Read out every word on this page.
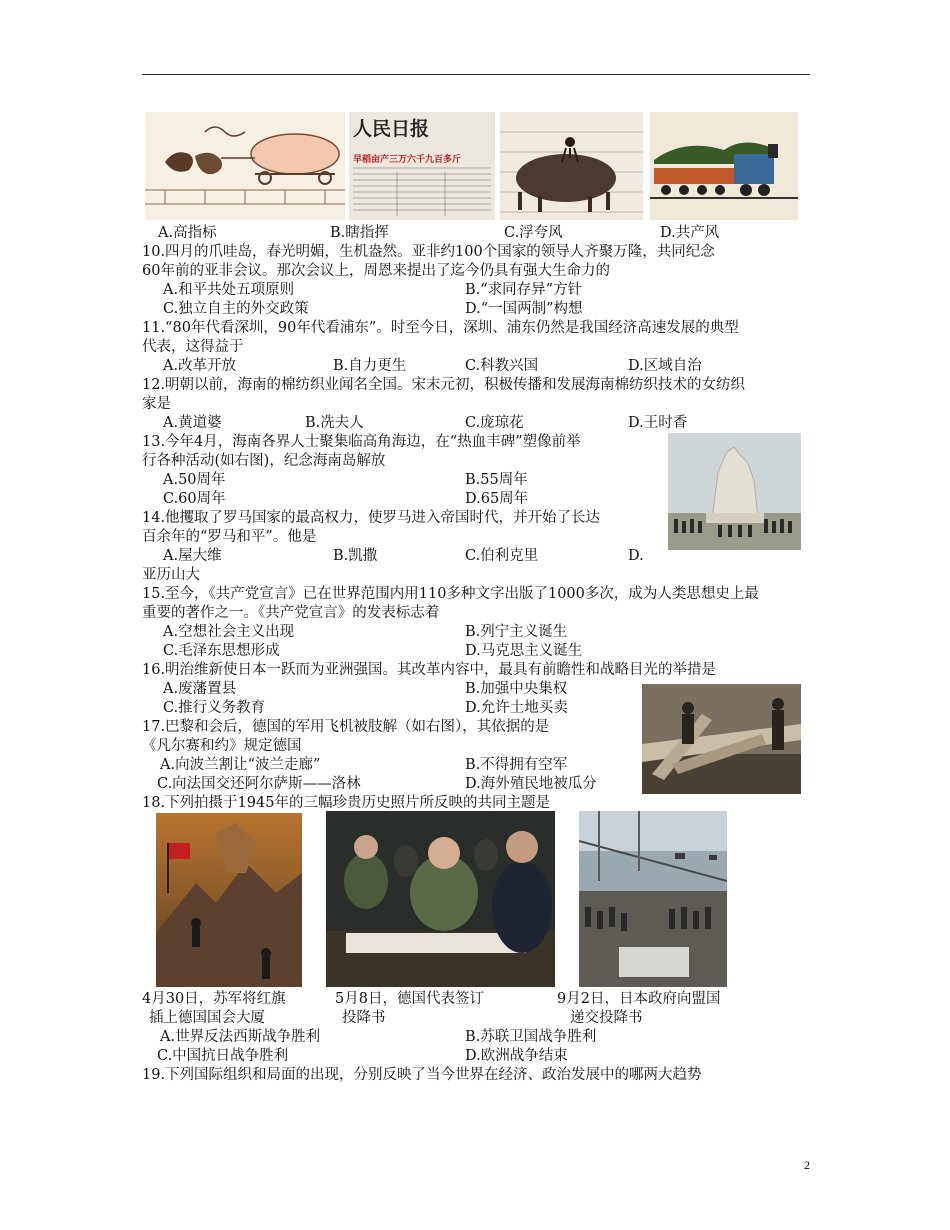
人民日报
早稻亩产三万六千九百多斤
A.高指标	B.瞎指挥	C.浮夸风	D.共产风
10.四月的爪哇岛，春光明媚，生机盎然。亚非约100个国家的领导人齐聚万隆，共同纪念
60年前的亚非会议。那次会议上，周恩来提出了迄今仍具有强大生命力的
A.和平共处五项原则	B.“求同存异”方针
C.独立自主的外交政策	D.“一国两制”构想
11.“80年代看深圳，90年代看浦东”。时至今日，深圳、浦东仍然是我国经济高速发展的典型
代表，这得益于
A.改革开放	B.自力更生	C.科教兴国	D.区域自治
12.明朝以前，海南的棉纺织业闻名全国。宋末元初，积极传播和发展海南棉纺织技术的女纺织
家是
A.黄道婆	B.冼夫人	C.庞琼花	D.王时香
13.今年4月，海南各界人士聚集临高角海边，在“热血丰碑”塑像前举
行各种活动(如右图)，纪念海南岛解放
A.50周年	B.55周年
C.60周年	D.65周年
14.他攫取了罗马国家的最高权力，使罗马进入帝国时代，并开始了长达
百余年的“罗马和平”。他是
A.屋大维	B.凯撒	C.伯利克里	D.
亚历山大
15.至今，《共产党宣言》已在世界范围内用110多种文字出版了1000多次，成为人类思想史上最
重要的著作之一。《共产党宣言》的发表标志着
A.空想社会主义出现	B.列宁主义诞生
C.毛泽东思想形成	D.马克思主义诞生
16.明治维新使日本一跃而为亚洲强国。其改革内容中，最具有前瞻性和战略目光的举措是
A.废藩置县	B.加强中央集权
C.推行义务教育	D.允许土地买卖
17.巴黎和会后，德国的军用飞机被肢解（如右图），其依据的是
《凡尔赛和约》规定德国
A.向波兰割让“波兰走廊”	B.不得拥有空军
C.向法国交还阿尔萨斯——洛林	D.海外殖民地被瓜分
18.下列拍摄于1945年的三幅珍贵历史照片所反映的共同主题是
4月30日，苏军将红旗
插上德国国会大厦
5月8日，德国代表签订
投降书
9月2日，日本政府向盟国
递交投降书
A.世界反法西斯战争胜利	B.苏联卫国战争胜利
C.中国抗日战争胜利	D.欧洲战争结束
19.下列国际组织和局面的出现，分别反映了当今世界在经济、政治发展中的哪两大趋势
2
